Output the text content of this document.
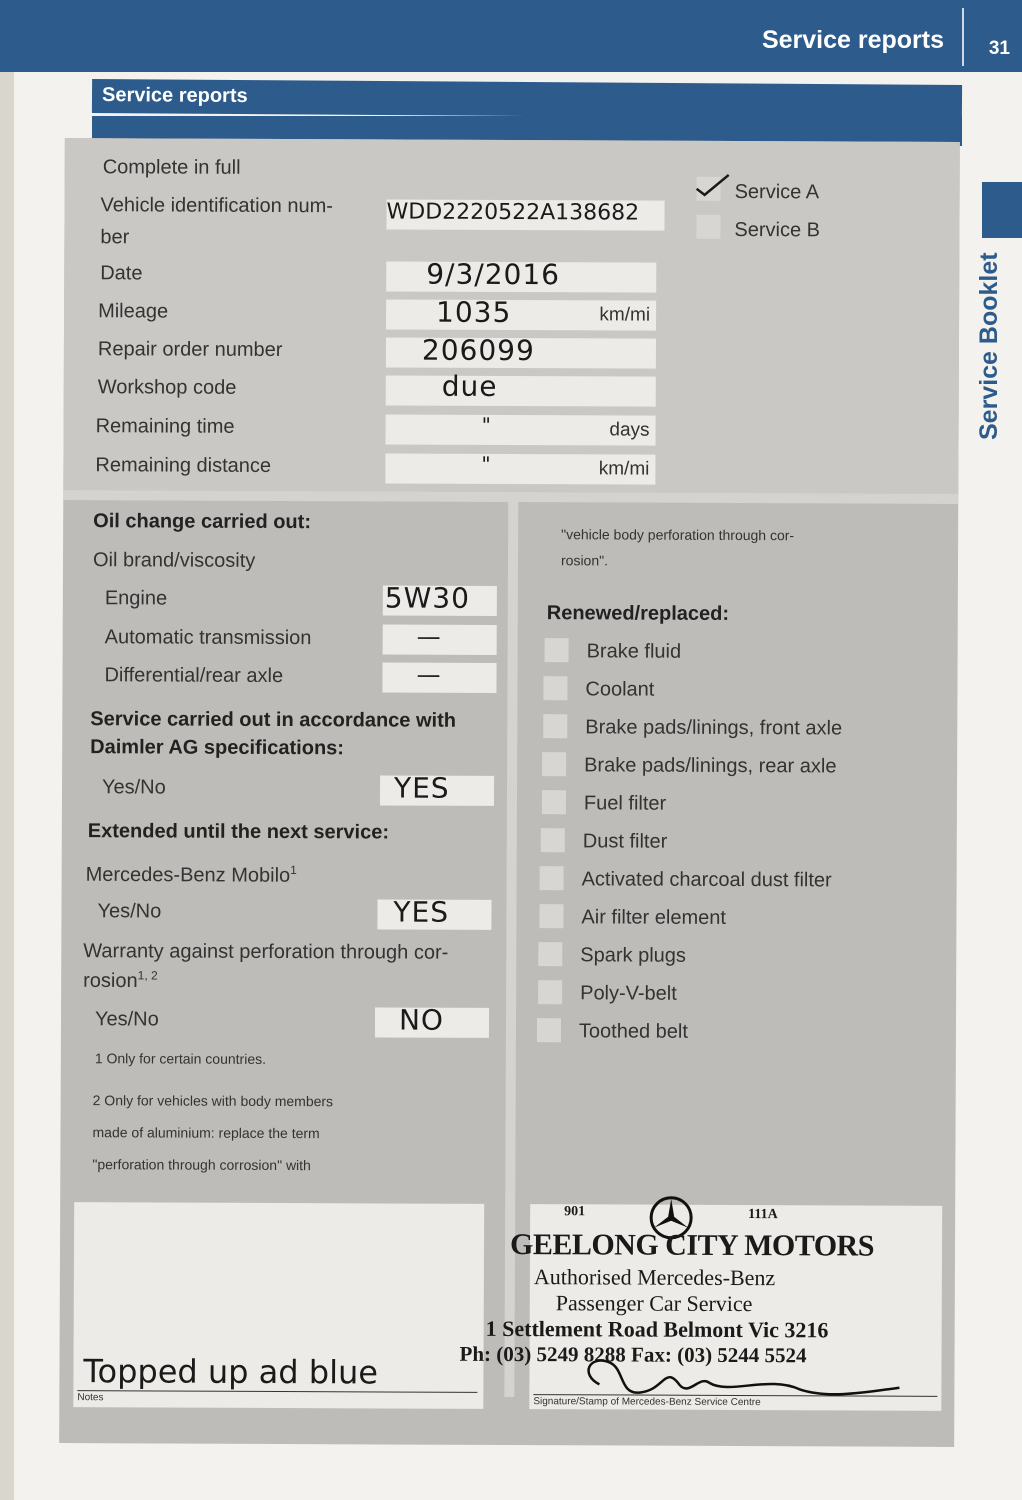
Service reports 31
Service Booklet
Service reports
Complete in full
Vehicle identification num-
ber
WDD2220522A138682
Service A
Service B
Date	9/3/2016
Mileage	1035	km/mi
Repair order number	206099
Workshop code	due
Remaining time	"	days
Remaining distance	"	km/mi
Oil change carried out:
Oil brand/viscosity
Engine	5W30
Automatic transmission	—
Differential/rear axle	—
Service carried out in accordance with
Daimler AG specifications:
Yes/No	YES
Extended until the next service:
Mercedes-Benz Mobilo$^1$
Yes/No	YES
Warranty against perforation through cor-
rosion$^{1, 2}$
Yes/No	NO
1 Only for certain countries.
2 Only for vehicles with body members
made of aluminium: replace the term
"perforation through corrosion" with
"vehicle body perforation through cor-
rosion".
Renewed/replaced:
Brake fluid
Coolant
Brake pads/linings, front axle
Brake pads/linings, rear axle
Fuel filter
Dust filter
Activated charcoal dust filter
Air filter element
Spark plugs
Poly-V-belt
Toothed belt
Notes
Topped up ad blue
901	111A
GEELONG CITY MOTORS
Authorised Mercedes-Benz
Passenger Car Service
1 Settlement Road Belmont Vic 3216
Ph: (03) 5249 8288 Fax: (03) 5244 5524
Signature/Stamp of Mercedes-Benz Service Centre
